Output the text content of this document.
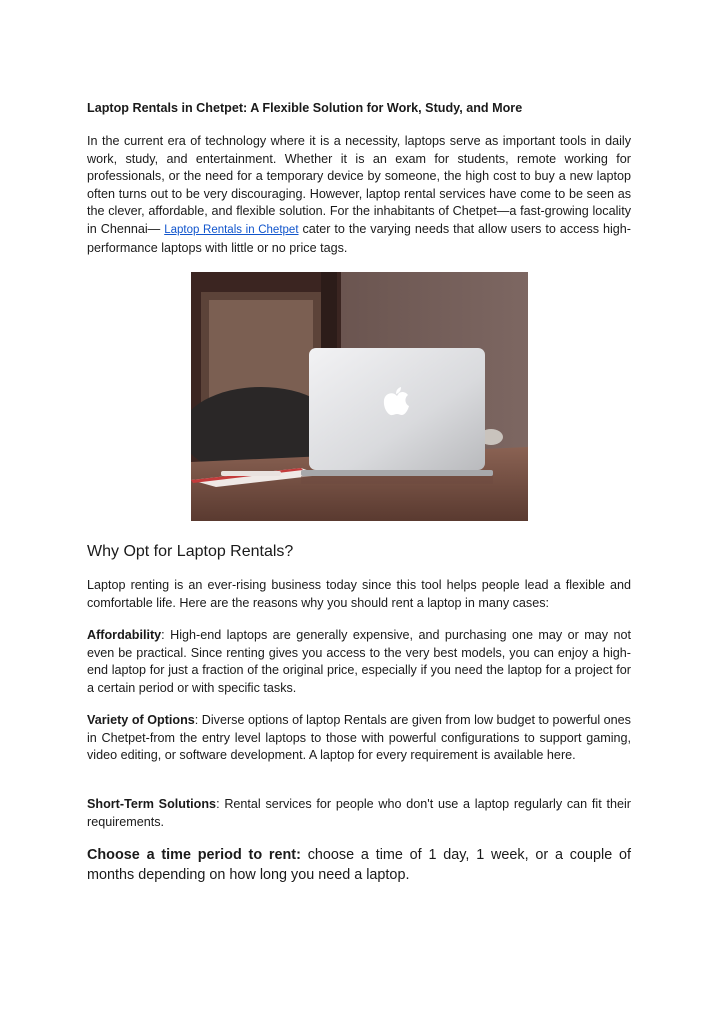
Laptop Rentals in Chetpet: A Flexible Solution for Work, Study, and More

In the current era of technology where it is a necessity, laptops serve as important tools in daily work, study, and entertainment. Whether it is an exam for students, remote working for professionals, or the need for a temporary device by someone, the high cost to buy a new laptop often turns out to be very discouraging. However, laptop rental services have come to be seen as the clever, affordable, and flexible solution. For the inhabitants of Chetpet—a fast-growing locality in Chennai— Laptop Rentals in Chetpet cater to the varying needs that allow users to access high-performance laptops with little or no price tags.

Why Opt for Laptop Rentals?

Laptop renting is an ever-rising business today since this tool helps people lead a flexible and comfortable life. Here are the reasons why you should rent a laptop in many cases:

Affordability: High-end laptops are generally expensive, and purchasing one may or may not even be practical. Since renting gives you access to the very best models, you can enjoy a high-end laptop for just a fraction of the original price, especially if you need the laptop for a project for a certain period or with specific tasks.

Variety of Options: Diverse options of laptop Rentals are given from low budget to powerful ones in Chetpet-from the entry level laptops to those with powerful configurations to support gaming, video editing, or software development. A laptop for every requirement is available here.

Short-Term Solutions: Rental services for people who don't use a laptop regularly can fit their requirements.

Choose a time period to rent: choose a time of 1 day, 1 week, or a couple of months depending on how long you need a laptop.
